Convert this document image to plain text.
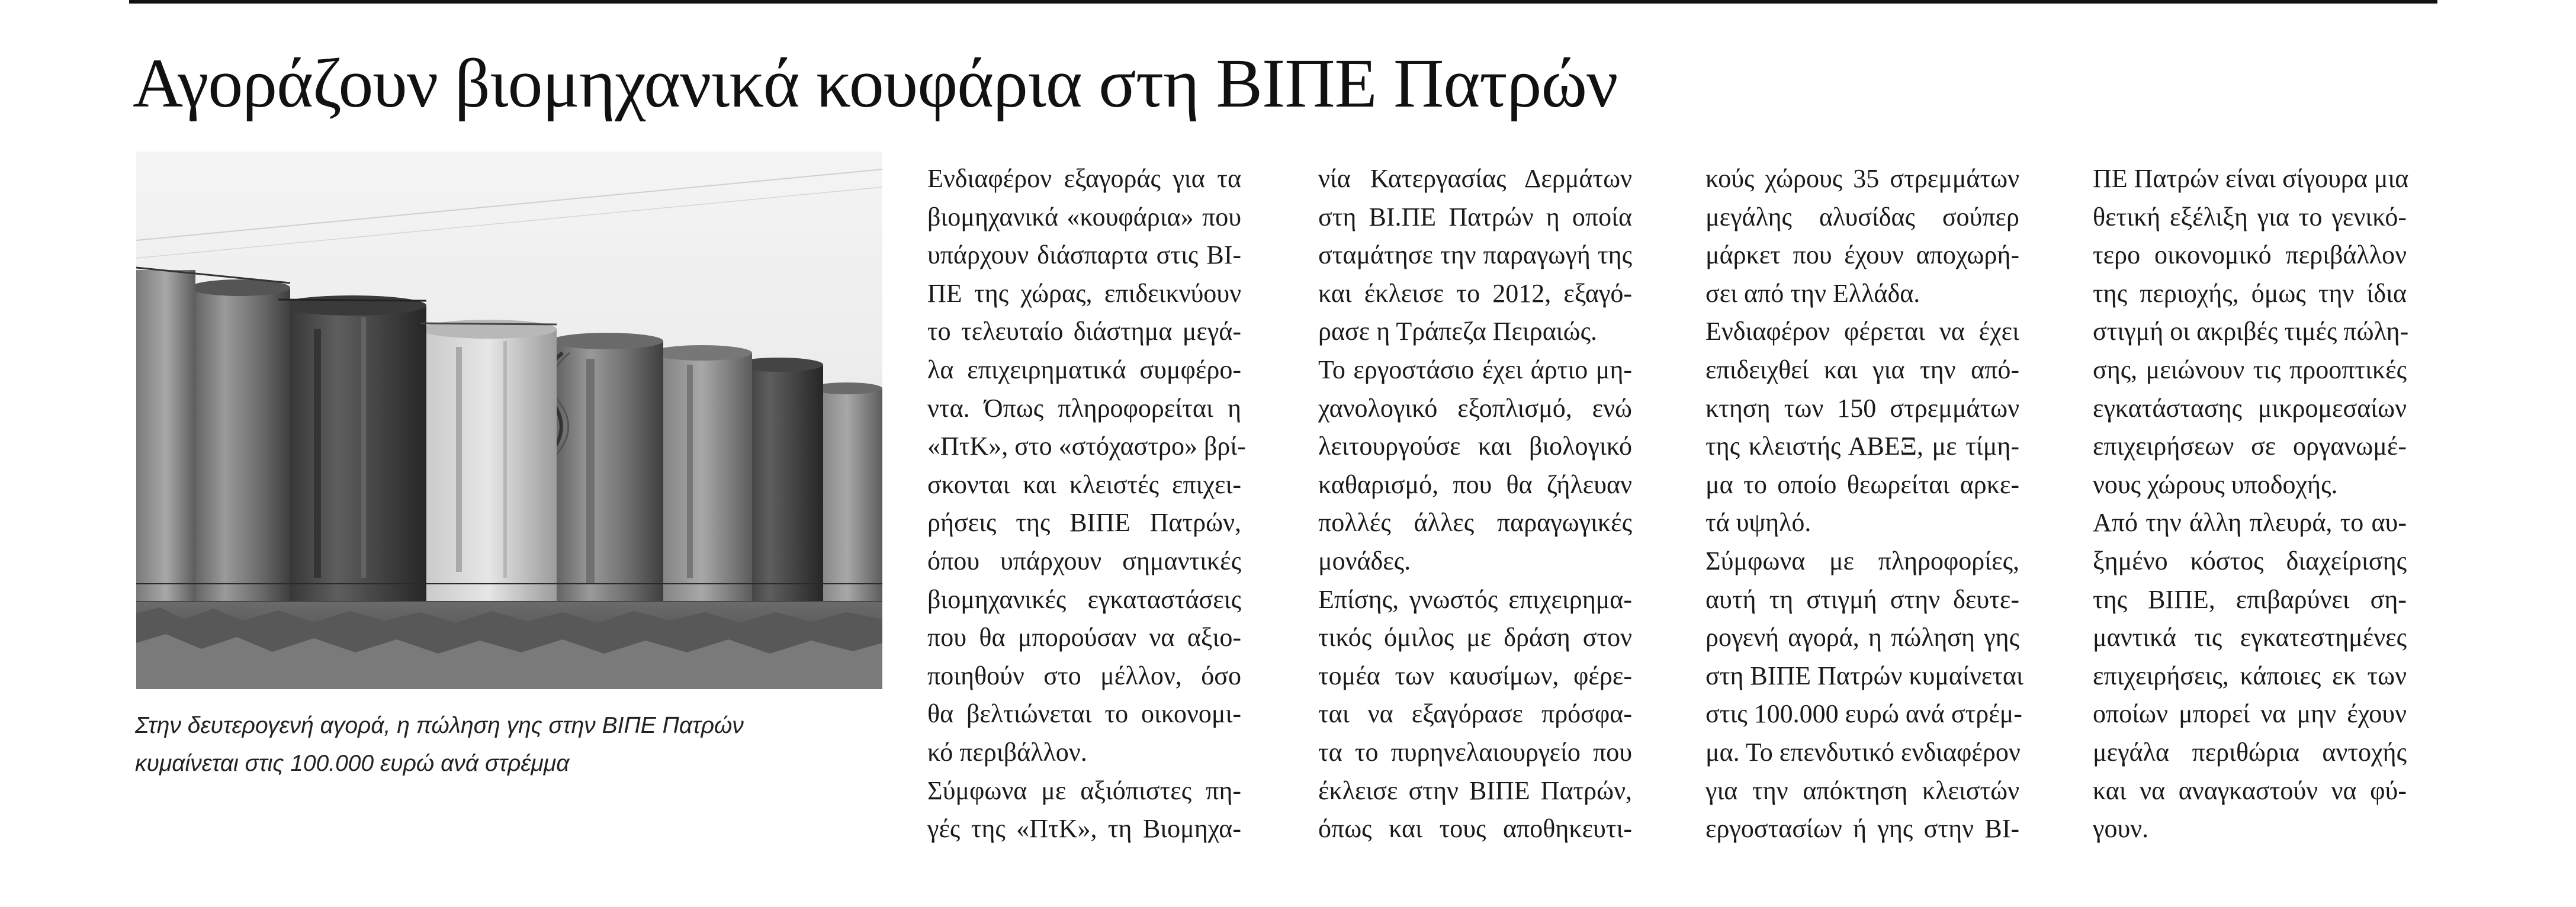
Αγοράζουν βιομηχανικά κουφάρια στη ΒΙΠΕ Πατρών
Στην δευτερογενή αγορά, η πώληση γης στην ΒΙΠΕ Πατρών
κυμαίνεται στις 100.000 ευρώ ανά στρέμμα
Ενδιαφέρον εξαγοράς για τα
βιομηχανικά «κουφάρια» που
υπάρχουν διάσπαρτα στις ΒΙ-
ΠΕ της χώρας, επιδεικνύουν
το τελευταίο διάστημα μεγά-
λα επιχειρηματικά συμφέρο-
ντα. Όπως πληροφορείται η
«ΠτΚ», στο «στόχαστρο» βρί-
σκονται και κλειστές επιχει-
ρήσεις της ΒΙΠΕ Πατρών,
όπου υπάρχουν σημαντικές
βιομηχανικές εγκαταστάσεις
που θα μπορούσαν να αξιο-
ποιηθούν στο μέλλον, όσο
θα βελτιώνεται το οικονομι-
κό περιβάλλον.
Σύμφωνα με αξιόπιστες πη-
γές της «ΠτΚ», τη Βιομηχα-
νία Κατεργασίας Δερμάτων
στη ΒΙ.ΠΕ Πατρών η οποία
σταμάτησε την παραγωγή της
και έκλεισε το 2012, εξαγό-
ρασε η Τράπεζα Πειραιώς.
Το εργοστάσιο έχει άρτιο μη-
χανολογικό εξοπλισμό, ενώ
λειτουργούσε και βιολογικό
καθαρισμό, που θα ζήλευαν
πολλές άλλες παραγωγικές
μονάδες.
Επίσης, γνωστός επιχειρημα-
τικός όμιλος με δράση στον
τομέα των καυσίμων, φέρε-
ται να εξαγόρασε πρόσφα-
τα το πυρηνελαιουργείο που
έκλεισε στην ΒΙΠΕ Πατρών,
όπως και τους αποθηκευτι-
κούς χώρους 35 στρεμμάτων
μεγάλης αλυσίδας σούπερ
μάρκετ που έχουν αποχωρή-
σει από την Ελλάδα.
Ενδιαφέρον φέρεται να έχει
επιδειχθεί και για την από-
κτηση των 150 στρεμμάτων
της κλειστής ΑΒΕΞ, με τίμη-
μα το οποίο θεωρείται αρκε-
τά υψηλό.
Σύμφωνα με πληροφορίες,
αυτή τη στιγμή στην δευτε-
ρογενή αγορά, η πώληση γης
στη ΒΙΠΕ Πατρών κυμαίνεται
στις 100.000 ευρώ ανά στρέμ-
μα. Το επενδυτικό ενδιαφέρον
για την απόκτηση κλειστών
εργοστασίων ή γης στην ΒΙ-
ΠΕ Πατρών είναι σίγουρα μια
θετική εξέλιξη για το γενικό-
τερο οικονομικό περιβάλλον
της περιοχής, όμως την ίδια
στιγμή οι ακριβές τιμές πώλη-
σης, μειώνουν τις προοπτικές
εγκατάστασης μικρομεσαίων
επιχειρήσεων σε οργανωμέ-
νους χώρους υποδοχής.
Από την άλλη πλευρά, το αυ-
ξημένο κόστος διαχείρισης
της ΒΙΠΕ, επιβαρύνει ση-
μαντικά τις εγκατεστημένες
επιχειρήσεις, κάποιες εκ των
οποίων μπορεί να μην έχουν
μεγάλα περιθώρια αντοχής
και να αναγκαστούν να φύ-
γουν.
